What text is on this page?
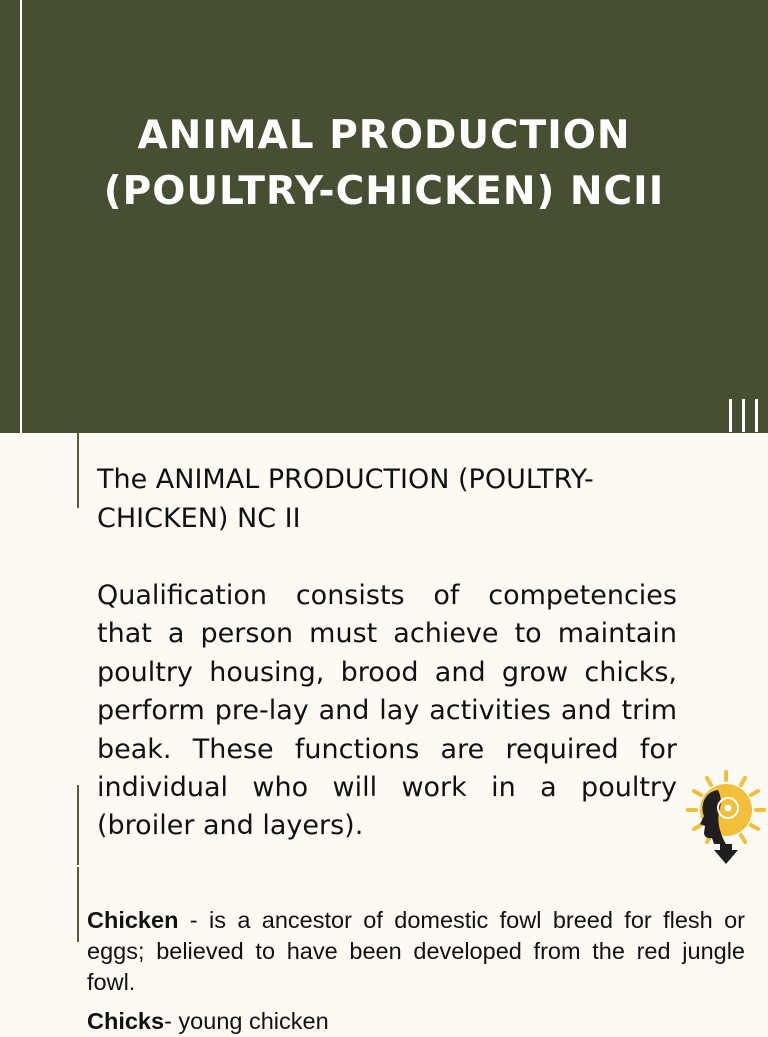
ANIMAL PRODUCTION
(POULTRY-CHICKEN) NCII
The ANIMAL PRODUCTION (POULTRY-CHICKEN) NC II
Qualification consists of competencies that a person must achieve to maintain poultry housing, brood and grow chicks, perform pre-lay and lay activities and trim beak. These functions are required for individual who will work in a poultry (broiler and layers).

Chicken - is a ancestor of domestic fowl breed for flesh or eggs; believed to have been developed from the red jungle fowl.

Chicks- young chicken
